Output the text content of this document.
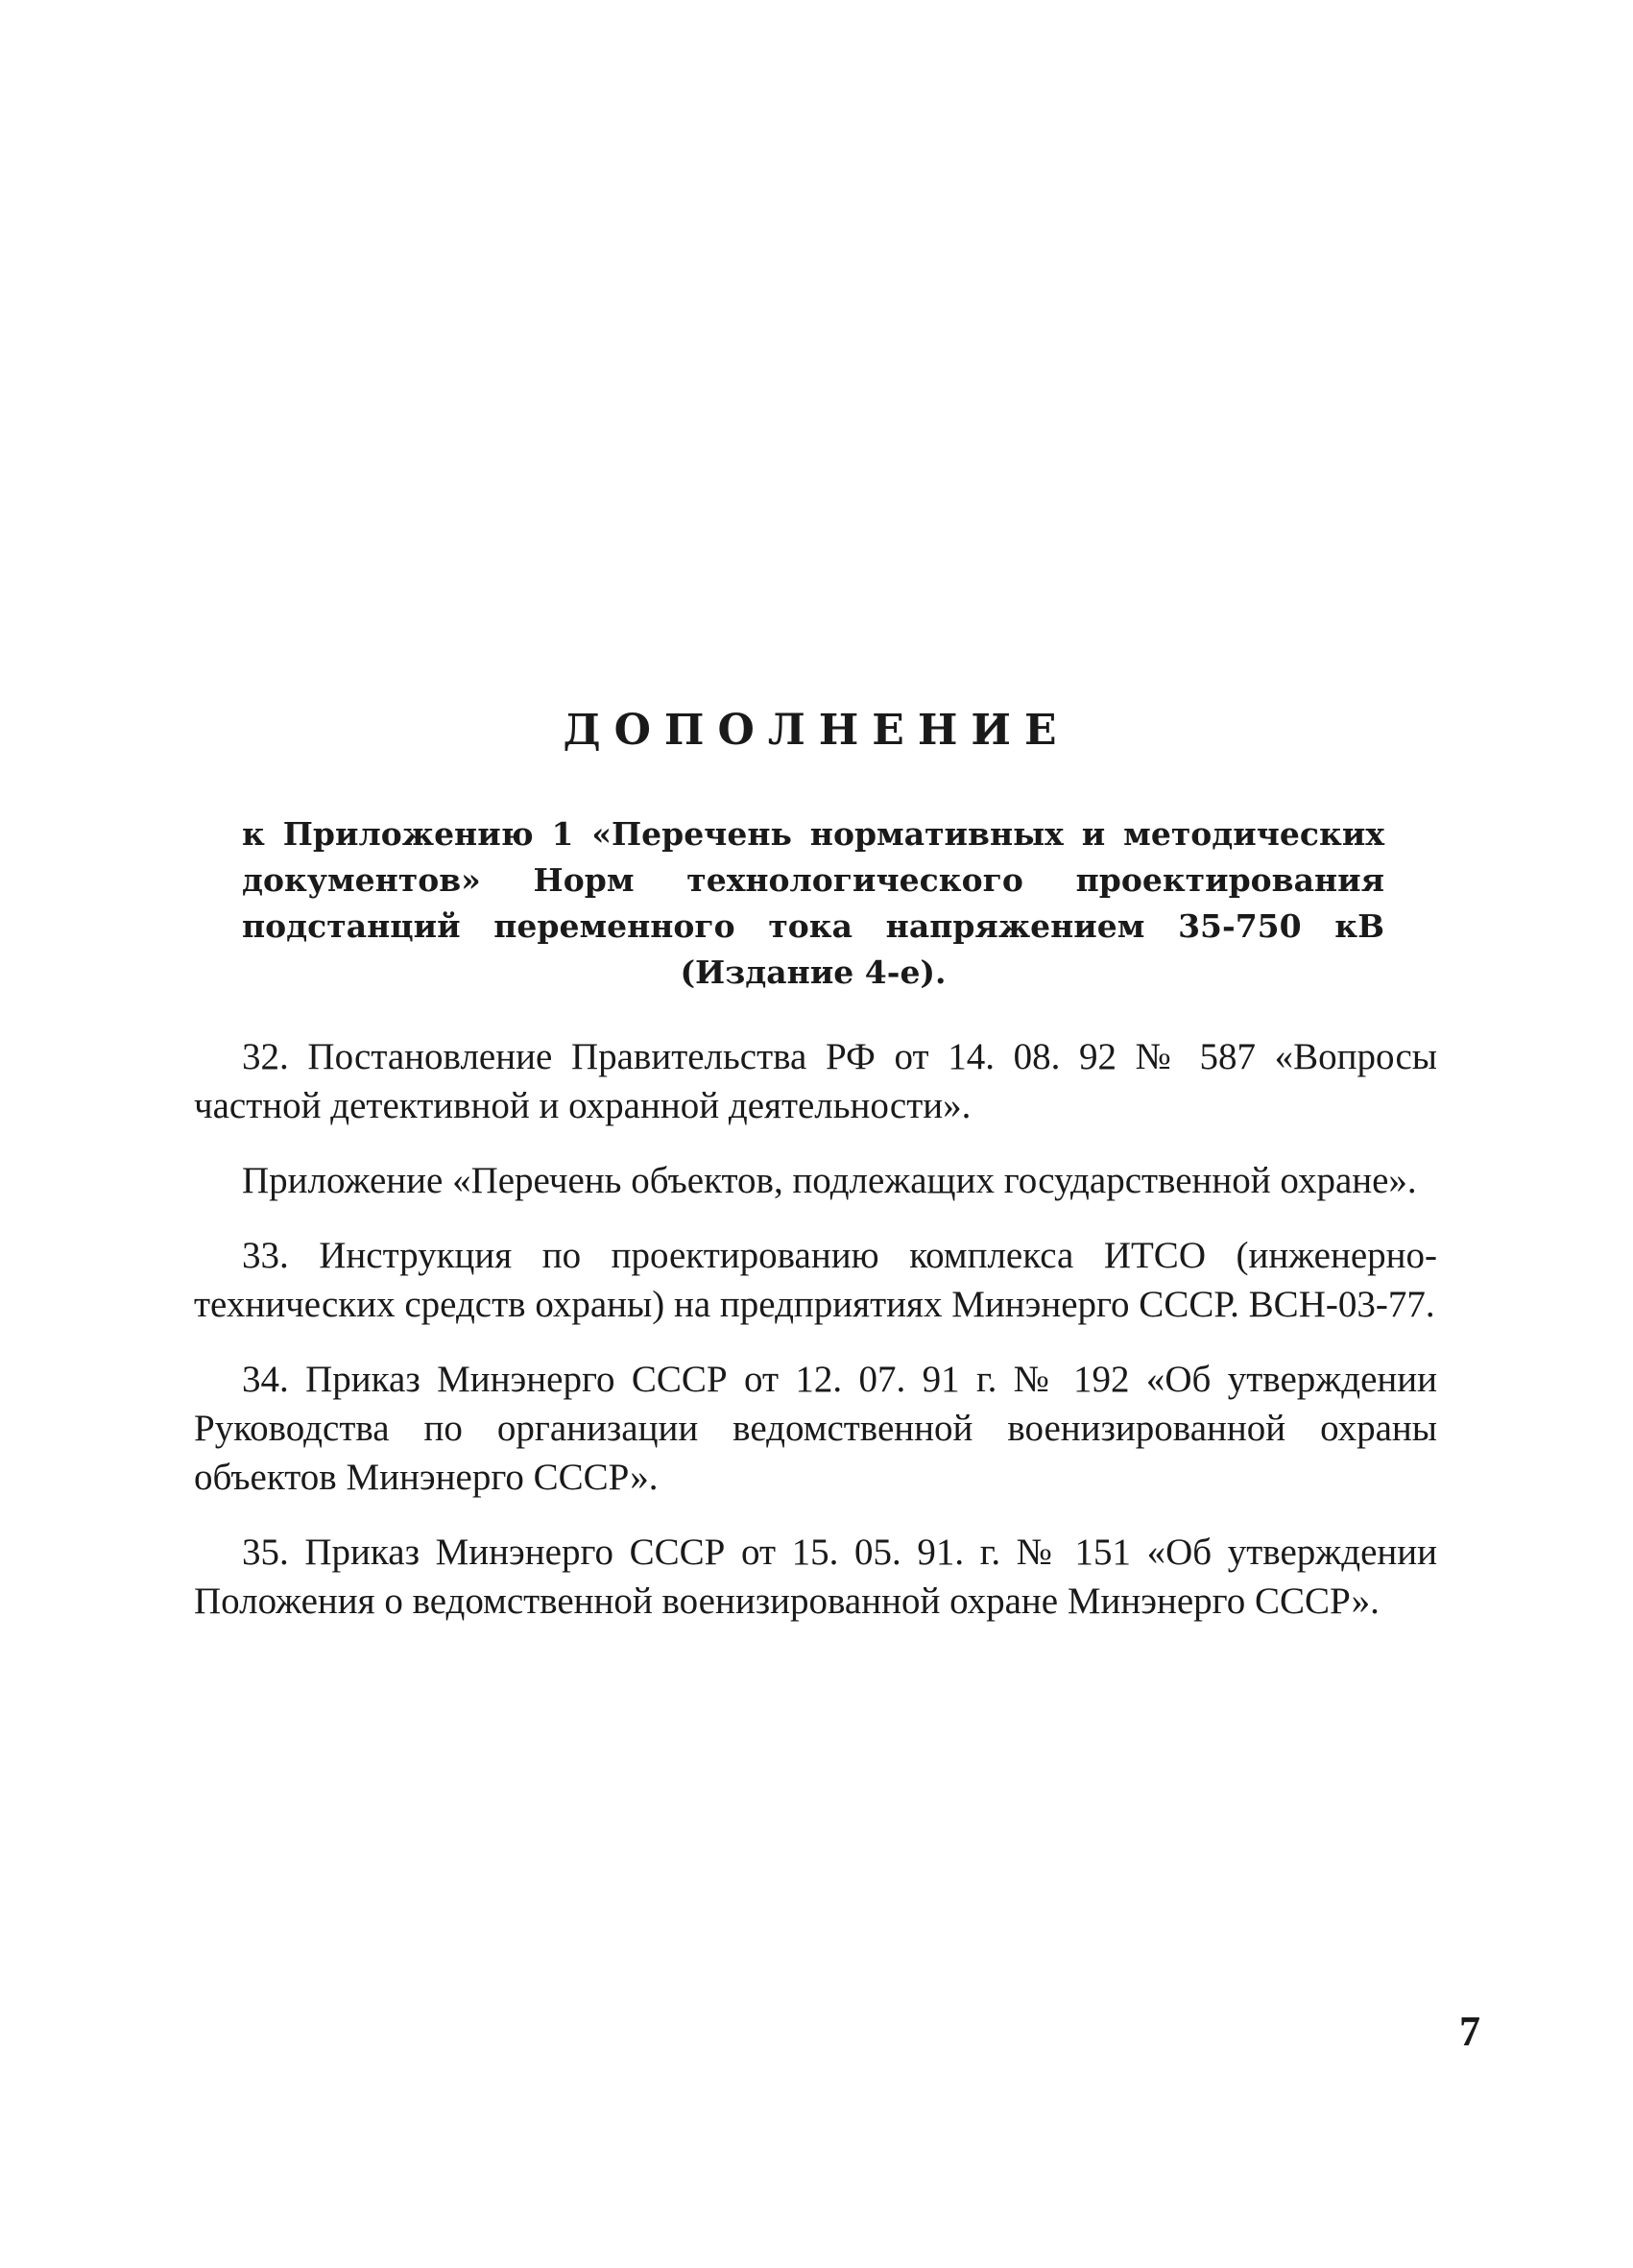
ДОПОЛНЕНИЕ
к Приложению 1 «Перечень нормативных и методических документов» Норм технологического проектирования подстанций переменного тока напряжением 35-750 кВ (Издание 4-е).

32. Постановление Правительства РФ от 14. 08. 92 № 587 «Вопросы частной детективной и охранной деятельности».

Приложение «Перечень объектов, подлежащих государственной охране».

33. Инструкция по проектированию комплекса ИТСО (инженерно-технических средств охраны) на предприятиях Минэнерго СССР. ВСН-03-77.

34. Приказ Минэнерго СССР от 12. 07. 91 г. № 192 «Об утверждении Руководства по организации ведомственной военизированной охраны объектов Минэнерго СССР».

35. Приказ Минэнерго СССР от 15. 05. 91. г. № 151 «Об утверждении Положения о ведомственной военизированной охране Минэнерго СССР».

7
